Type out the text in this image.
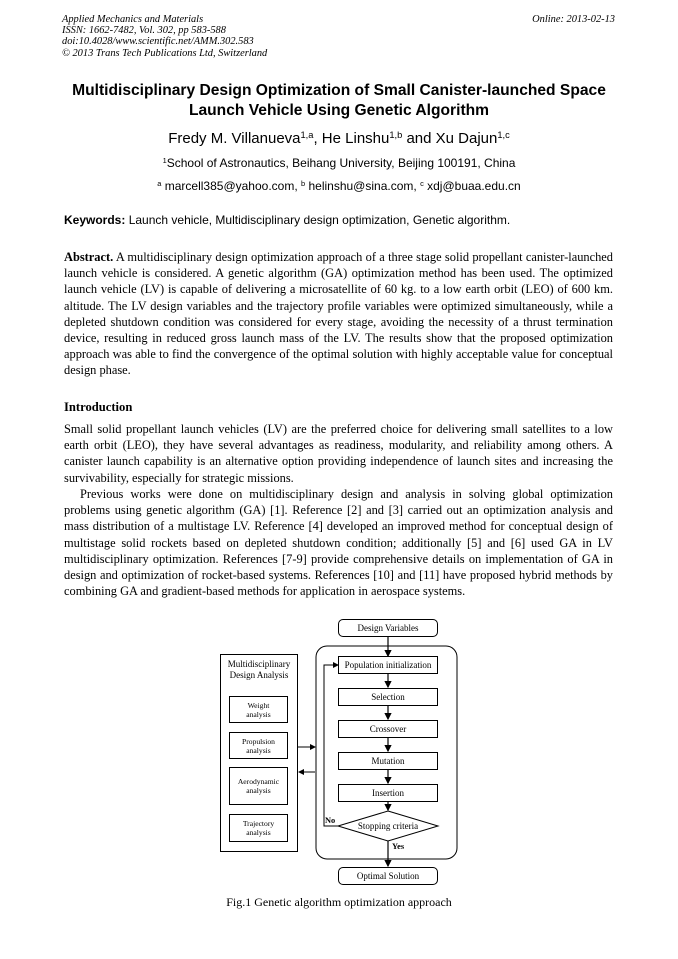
Applied Mechanics and Materials
ISSN: 1662-7482, Vol. 302, pp 583-588
doi:10.4028/www.scientific.net/AMM.302.583
© 2013 Trans Tech Publications Ltd, Switzerland
Online: 2013-02-13
Multidisciplinary Design Optimization of Small Canister-launched Space
Launch Vehicle Using Genetic Algorithm
Fredy M. Villanueva$^{1,a}$, He Linshu$^{1,b}$ and Xu Dajun$^{1,c}$
$^1$School of Astronautics, Beihang University, Beijing 100191, China
$^a$ marcell385@yahoo.com, $^b$ helinshu@sina.com, $^c$ xdj@buaa.edu.cn
Keywords: Launch vehicle, Multidisciplinary design optimization, Genetic algorithm.
Abstract. A multidisciplinary design optimization approach of a three stage solid propellant canister-launched launch vehicle is considered. A genetic algorithm (GA) optimization method has been used. The optimized launch vehicle (LV) is capable of delivering a microsatellite of 60 kg. to a low earth orbit (LEO) of 600 km. altitude. The LV design variables and the trajectory profile variables were optimized simultaneously, while a depleted shutdown condition was considered for every stage, avoiding the necessity of a thrust termination device, resulting in reduced gross launch mass of the LV. The results show that the proposed optimization approach was able to find the convergence of the optimal solution with highly acceptable value for conceptual design phase.
Introduction
Small solid propellant launch vehicles (LV) are the preferred choice for delivering small satellites to a low earth orbit (LEO), they have several advantages as readiness, modularity, and reliability among others. A canister launch capability is an alternative option providing independence of launch sites and increasing the survivability, especially for strategic missions.
Previous works were done on multidisciplinary design and analysis in solving global optimization problems using genetic algorithm (GA) [1]. Reference [2] and [3] carried out an optimization analysis and mass distribution of a multistage LV. Reference [4] developed an improved method for conceptual design of multistage solid rockets based on depleted shutdown condition; additionally [5] and [6] used GA in LV multidisciplinary optimization. References [7-9] provide comprehensive details on implementation of GA in design and optimization of rocket-based systems. References [10] and [11] have proposed hybrid methods by combining GA and gradient-based methods for application in aerospace systems.
Design Variables
Multidisciplinary
Design Analysis
Weight
analysis
Propulsion
analysis
Aerodynamic
analysis
Trajectory
analysis
Population initialization
Selection
Crossover
Mutation
Insertion
Stopping criteria
No
Yes
Optimal Solution
Fig.1 Genetic algorithm optimization approach
